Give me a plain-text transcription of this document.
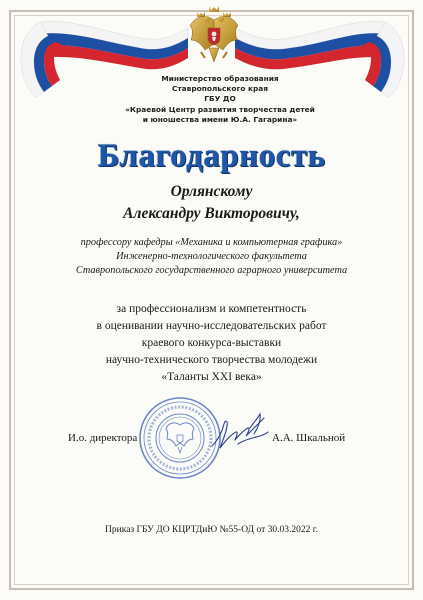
Министерство образования
Ставропольского края
ГБУ ДО
«Краевой Центр развития творчества детей
и юношества имени Ю.А. Гагарина»
Благодарность
Орлянскому
Александру Викторовичу,
профессору кафедры «Механика и компьютерная графика»
Инженерно-технологического факультета
Ставропольского государственного аграрного университета
за профессионализм и компетентность
в оценивании научно-исследовательских работ
краевого конкурса-выставки
научно-технического творчества молодежи
«Таланты XXI века»
И.о. директора	А.А. Шкальной
Приказ ГБУ ДО КЦРТДиЮ №55-ОД от 30.03.2022 г.
